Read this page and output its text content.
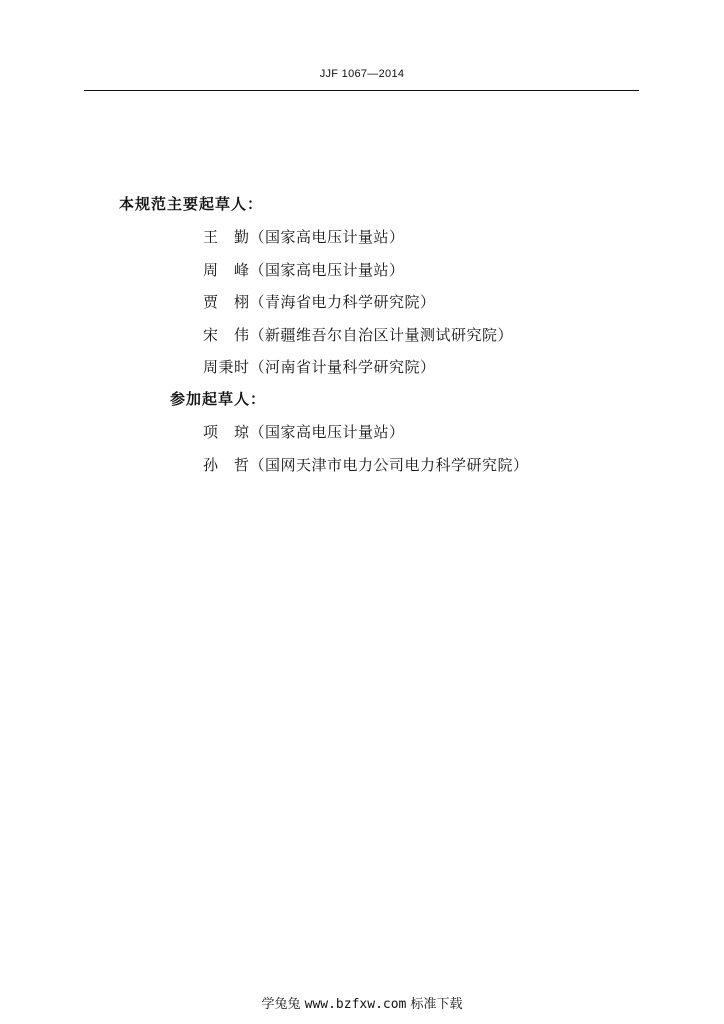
JJF 1067—2014
本规范主要起草人：
王　勤（国家高电压计量站）
周　峰（国家高电压计量站）
贾　栩（青海省电力科学研究院）
宋　伟（新疆维吾尔自治区计量测试研究院）
周秉时（河南省计量科学研究院）
参加起草人：
项　琼（国家高电压计量站）
孙　哲（国网天津市电力公司电力科学研究院）
学兔兔 www.bzfxw.com 标准下载
